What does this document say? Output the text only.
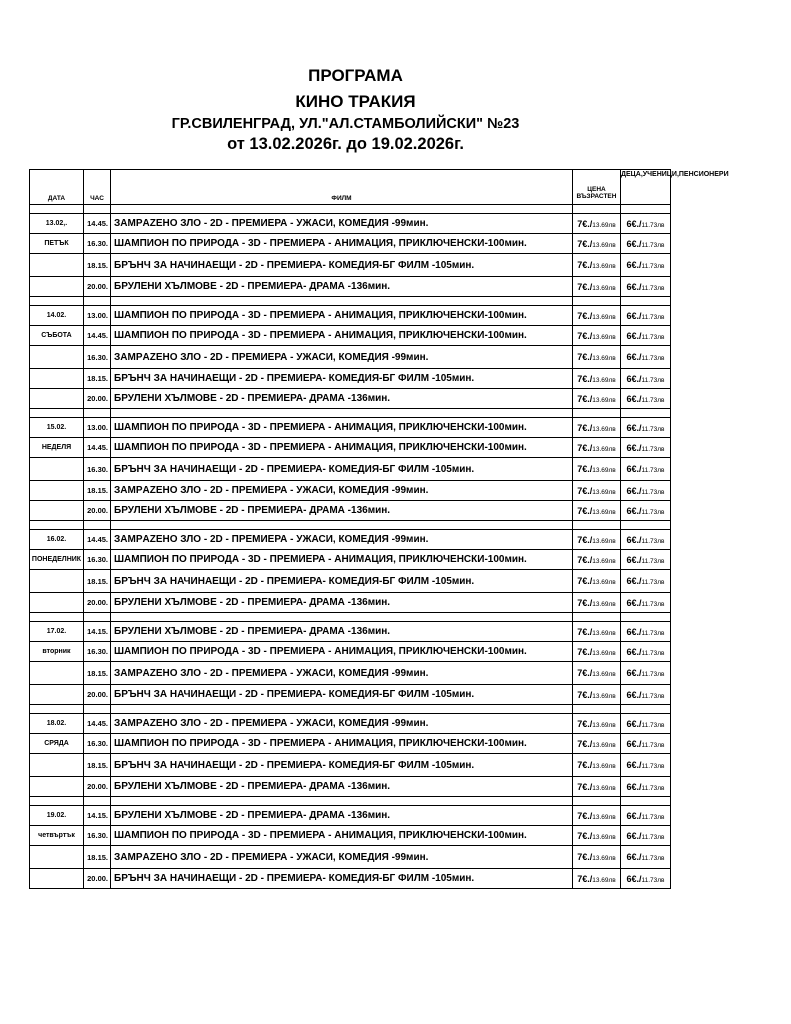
ПРОГРАМА
КИНО ТРАКИЯ
ГР.СВИЛЕНГРАД, УЛ."АЛ.СТАМБОЛИЙСКИ" №23
от 13.02.2026г. до 19.02.2026г.
ДАТА	ЧАС	ФИЛМ	ЦЕНА ВЪЗРАСТЕН	ДЕЦА,УЧЕНИЦИ,ПЕНСИОНЕРИ

13.02,.	14.45.	ЗАМРAZЕНО ЗЛО - 2D - ПРЕМИЕРА - УЖАСИ, КОМЕДИЯ -99мин.	7€./13.69лв	6€./11.73лв
ПЕТЪК	16.30.	ШАМПИОН ПО ПРИРОДА - 3D - ПРЕМИЕРА - АНИМАЦИЯ, ПРИКЛЮЧЕНСКИ-100мин.	7€./13.69лв	6€./11.73лв
	18.15.	БРЪНЧ ЗА НАЧИНАЕЩИ - 2D - ПРЕМИЕРА- КОМЕДИЯ-БГ ФИЛМ -105мин.	7€./13.69лв	6€./11.73лв
	20.00.	БРУЛЕНИ ХЪЛМОВЕ - 2D - ПРЕМИЕРА- ДРАМА -136мин.	7€./13.69лв	6€./11.73лв

14.02.	13.00.	ШАМПИОН ПО ПРИРОДА - 3D - ПРЕМИЕРА - АНИМАЦИЯ, ПРИКЛЮЧЕНСКИ-100мин.	7€./13.69лв	6€./11.73лв
СЪБОТА	14.45.	ШАМПИОН ПО ПРИРОДА - 3D - ПРЕМИЕРА - АНИМАЦИЯ, ПРИКЛЮЧЕНСКИ-100мин.	7€./13.69лв	6€./11.73лв
	16.30.	ЗАМРAZЕНО ЗЛО - 2D - ПРЕМИЕРА - УЖАСИ, КОМЕДИЯ -99мин.	7€./13.69лв	6€./11.73лв
	18.15.	БРЪНЧ ЗА НАЧИНАЕЩИ - 2D - ПРЕМИЕРА- КОМЕДИЯ-БГ ФИЛМ -105мин.	7€./13.69лв	6€./11.73лв
	20.00.	БРУЛЕНИ ХЪЛМОВЕ - 2D - ПРЕМИЕРА- ДРАМА -136мин.	7€./13.69лв	6€./11.73лв

15.02.	13.00.	ШАМПИОН ПО ПРИРОДА - 3D - ПРЕМИЕРА - АНИМАЦИЯ, ПРИКЛЮЧЕНСКИ-100мин.	7€./13.69лв	6€./11.73лв
НЕДЕЛЯ	14.45.	ШАМПИОН ПО ПРИРОДА - 3D - ПРЕМИЕРА - АНИМАЦИЯ, ПРИКЛЮЧЕНСКИ-100мин.	7€./13.69лв	6€./11.73лв
	16.30.	БРЪНЧ ЗА НАЧИНАЕЩИ - 2D - ПРЕМИЕРА- КОМЕДИЯ-БГ ФИЛМ -105мин.	7€./13.69лв	6€./11.73лв
	18.15.	ЗАМРAZЕНО ЗЛО - 2D - ПРЕМИЕРА - УЖАСИ, КОМЕДИЯ -99мин.	7€./13.69лв	6€./11.73лв
	20.00.	БРУЛЕНИ ХЪЛМОВЕ - 2D - ПРЕМИЕРА- ДРАМА -136мин.	7€./13.69лв	6€./11.73лв

16.02.	14.45.	ЗАМРAZЕНО ЗЛО - 2D - ПРЕМИЕРА - УЖАСИ, КОМЕДИЯ -99мин.	7€./13.69лв	6€./11.73лв
ПОНЕДЕЛНИК	16.30.	ШАМПИОН ПО ПРИРОДА - 3D - ПРЕМИЕРА - АНИМАЦИЯ, ПРИКЛЮЧЕНСКИ-100мин.	7€./13.69лв	6€./11.73лв
	18.15.	БРЪНЧ ЗА НАЧИНАЕЩИ - 2D - ПРЕМИЕРА- КОМЕДИЯ-БГ ФИЛМ -105мин.	7€./13.69лв	6€./11.73лв
	20.00.	БРУЛЕНИ ХЪЛМОВЕ - 2D - ПРЕМИЕРА- ДРАМА -136мин.	7€./13.69лв	6€./11.73лв

17.02.	14.15.	БРУЛЕНИ ХЪЛМОВЕ - 2D - ПРЕМИЕРА- ДРАМА -136мин.	7€./13.69лв	6€./11.73лв
вторник	16.30.	ШАМПИОН ПО ПРИРОДА - 3D - ПРЕМИЕРА - АНИМАЦИЯ, ПРИКЛЮЧЕНСКИ-100мин.	7€./13.69лв	6€./11.73лв
	18.15.	ЗАМРAZЕНО ЗЛО - 2D - ПРЕМИЕРА - УЖАСИ, КОМЕДИЯ -99мин.	7€./13.69лв	6€./11.73лв
	20.00.	БРЪНЧ ЗА НАЧИНАЕЩИ - 2D - ПРЕМИЕРА- КОМЕДИЯ-БГ ФИЛМ -105мин.	7€./13.69лв	6€./11.73лв

18.02.	14.45.	ЗАМРAZЕНО ЗЛО - 2D - ПРЕМИЕРА - УЖАСИ, КОМЕДИЯ -99мин.	7€./13.69лв	6€./11.73лв
СРЯДА	16.30.	ШАМПИОН ПО ПРИРОДА - 3D - ПРЕМИЕРА - АНИМАЦИЯ, ПРИКЛЮЧЕНСКИ-100мин.	7€./13.69лв	6€./11.73лв
	18.15.	БРЪНЧ ЗА НАЧИНАЕЩИ - 2D - ПРЕМИЕРА- КОМЕДИЯ-БГ ФИЛМ -105мин.	7€./13.69лв	6€./11.73лв
	20.00.	БРУЛЕНИ ХЪЛМОВЕ - 2D - ПРЕМИЕРА- ДРАМА -136мин.	7€./13.69лв	6€./11.73лв

19.02.	14.15.	БРУЛЕНИ ХЪЛМОВЕ - 2D - ПРЕМИЕРА- ДРАМА -136мин.	7€./13.69лв	6€./11.73лв
четвъртък	16.30.	ШАМПИОН ПО ПРИРОДА - 3D - ПРЕМИЕРА - АНИМАЦИЯ, ПРИКЛЮЧЕНСКИ-100мин.	7€./13.69лв	6€./11.73лв
	18.15.	ЗАМРAZЕНО ЗЛО - 2D - ПРЕМИЕРА - УЖАСИ, КОМЕДИЯ -99мин.	7€./13.69лв	6€./11.73лв
	20.00.	БРЪНЧ ЗА НАЧИНАЕЩИ - 2D - ПРЕМИЕРА- КОМЕДИЯ-БГ ФИЛМ -105мин.	7€./13.69лв	6€./11.73лв
